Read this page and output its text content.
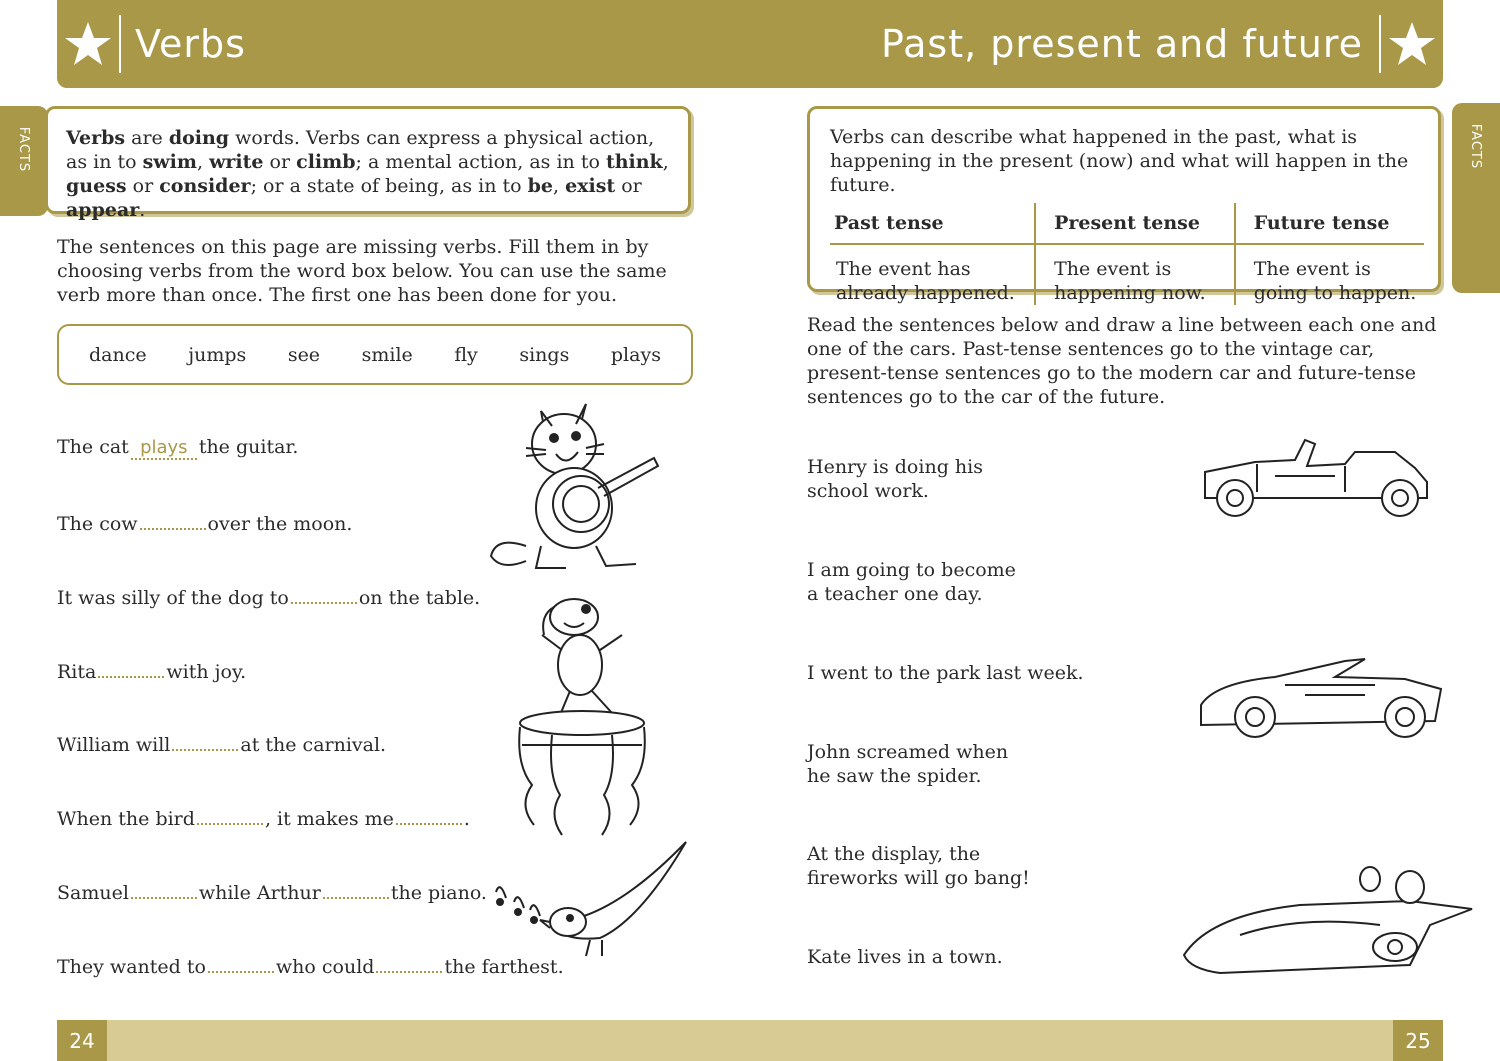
Verbs
FACTS	Verbs are doing words. Verbs can express a physical action, as in to swim, write or climb; a mental action, as in to think, guess or consider; or a state of being, as in to be, exist or appear.

The sentences on this page are missing verbs. Fill them in by choosing verbs from the word box below. You can use the same verb more than once. The first one has been done for you.

dance jumps see smile fly sings plays
The cat plays the guitar.
The cow	over the moon.
It was silly of the dog to	on the table.
Rita	with joy.
William will	at the carnival.
When the bird	, it makes me	.
Samuel	while Arthur	the piano.
They wanted to	who could	the farthest.
24
Past, present and future
FACTS

Verbs can describe what happened in the past, what is happening in the present (now) and what will happen in the future.

Past tense	Present tense	Future tense
The event has already happened.	The event is happening now.	The event is going to happen.

Read the sentences below and draw a line between each one and one of the cars. Past-tense sentences go to the vintage car, present-tense sentences go to the modern car and future-tense sentences go to the car of the future.

Henry is doing his school work.

I am going to become a teacher one day.

I went to the park last week.

John screamed when he saw the spider.

At the display, the fireworks will go bang!

Kate lives in a town.

25
